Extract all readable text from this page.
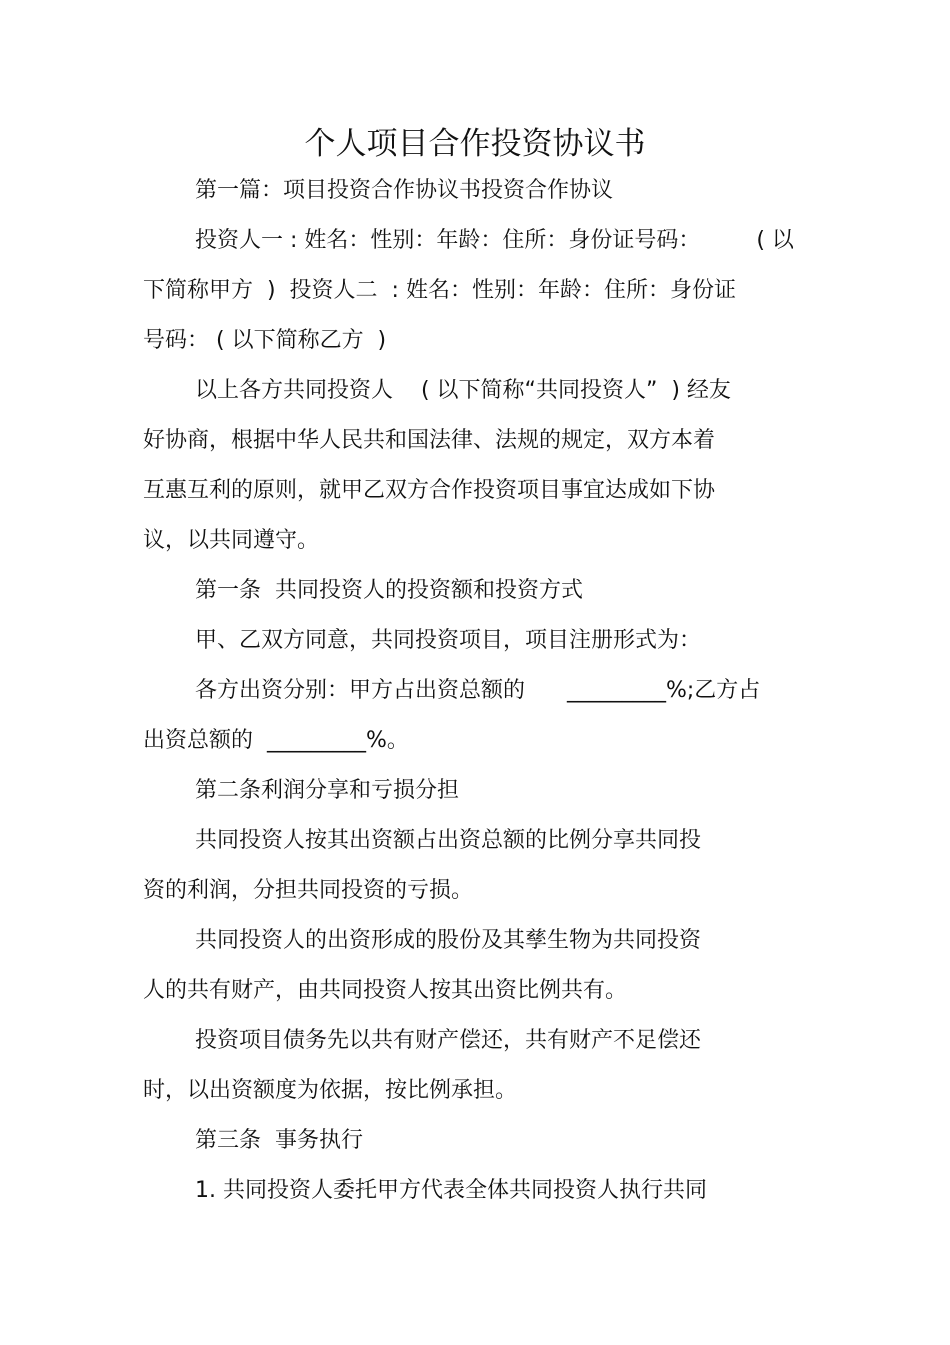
个人项目合作投资协议书
第一篇：项目投资合作协议书投资合作协议
投资人一 : 姓名：性别：年龄：住所：身份证号码：        ( 以
下简称甲方  )  投资人二  : 姓名：性别：年龄：住所：身份证
号码： ( 以下简称乙方  )
以上各方共同投资人    ( 以下简称“共同投资人”  ) 经友
好协商，根据中华人民共和国法律、法规的规定，双方本着
互惠互利的原则，就甲乙双方合作投资项目事宜达成如下协
议，以共同遵守。
第一条  共同投资人的投资额和投资方式
甲、乙双方同意，共同投资项目，项目注册形式为：
各方出资分别：甲方占出资总额的      _________%;乙方占
出资总额的  _________%。
第二条利润分享和亏损分担
共同投资人按其出资额占出资总额的比例分享共同投
资的利润，分担共同投资的亏损。
共同投资人的出资形成的股份及其孳生物为共同投资
人的共有财产，由共同投资人按其出资比例共有。
投资项目债务先以共有财产偿还，共有财产不足偿还
时，以出资额度为依据，按比例承担。
第三条  事务执行
1. 共同投资人委托甲方代表全体共同投资人执行共同
